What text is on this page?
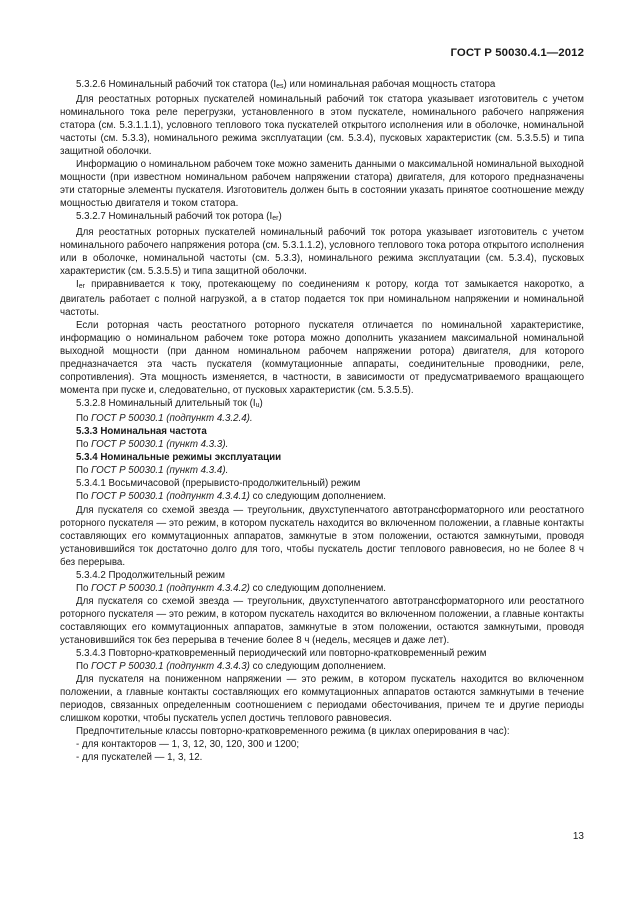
ГОСТ Р 50030.4.1—2012

5.3.2.6 Номинальный рабочий ток статора (Ies) или номинальная рабочая мощность статора

Для реостатных роторных пускателей номинальный рабочий ток статора указывает изготовитель с учетом номинального тока реле перегрузки, установленного в этом пускателе, номинального рабочего напряжения статора (см. 5.3.1.1.1), условного теплового тока пускателей открытого исполнения или в оболочке, номинальной частоты (см. 5.3.3), номинального режима эксплуатации (см. 5.3.4), пусковых характеристик (см. 5.3.5.5) и типа защитной оболочки.

Информацию о номинальном рабочем токе можно заменить данными о максимальной номинальной выходной мощности (при известном номинальном рабочем напряжении статора) двигателя, для которого предназначены эти статорные элементы пускателя. Изготовитель должен быть в состоянии указать принятое соотношение между мощностью двигателя и током статора.

5.3.2.7 Номинальный рабочий ток ротора (Ier)

Для реостатных роторных пускателей номинальный рабочий ток ротора указывает изготовитель с учетом номинального рабочего напряжения ротора (см. 5.3.1.1.2), условного теплового тока ротора открытого исполнения или в оболочке, номинальной частоты (см. 5.3.3), номинального режима эксплуатации (см. 5.3.4), пусковых характеристик (см. 5.3.5.5) и типа защитной оболочки.

Ier приравнивается к току, протекающему по соединениям к ротору, когда тот замыкается накоротко, а двигатель работает с полной нагрузкой, а в статор подается ток при номинальном напряжении и номинальной частоты.

Если роторная часть реостатного роторного пускателя отличается по номинальной характеристике, информацию о номинальном рабочем токе ротора можно дополнить указанием максимальной номинальной выходной мощности (при данном номинальном рабочем напряжении ротора) двигателя, для которого предназначается эта часть пускателя (коммутационные аппараты, соединительные проводники, реле, сопротивления). Эта мощность изменяется, в частности, в зависимости от предусматриваемого вращающего момента при пуске и, следовательно, от пусковых характеристик (см. 5.3.5.5).

5.3.2.8 Номинальный длительный ток (Iu)

По ГОСТ Р 50030.1 (подпункт 4.3.2.4).

5.3.3 Номинальная частота

По ГОСТ Р 50030.1 (пункт 4.3.3).

5.3.4 Номинальные режимы эксплуатации

По ГОСТ Р 50030.1 (пункт 4.3.4).

5.3.4.1 Восьмичасовой (прерывисто-продолжительный) режим

По ГОСТ Р 50030.1 (подпункт 4.3.4.1) со следующим дополнением.

Для пускателя со схемой звезда — треугольник, двухступенчатого автотрансформаторного или реостатного роторного пускателя — это режим, в котором пускатель находится во включенном положении, а главные контакты составляющих его коммутационных аппаратов, замкнутые в этом положении, остаются замкнутыми, проводя установившийся ток достаточно долго для того, чтобы пускатель достиг теплового равновесия, но не более 8 ч без перерыва.

5.3.4.2 Продолжительный режим

По ГОСТ Р 50030.1 (подпункт 4.3.4.2) со следующим дополнением.

Для пускателя со схемой звезда — треугольник, двухступенчатого автотрансформаторного или реостатного роторного пускателя — это режим, в котором пускатель находится во включенном положении, а главные контакты составляющих его коммутационных аппаратов, замкнутые в этом положении, остаются замкнутыми, проводя установившийся ток без перерыва в течение более 8 ч (недель, месяцев и даже лет).

5.3.4.3 Повторно-кратковременный периодический или повторно-кратковременный режим

По ГОСТ Р 50030.1 (подпункт 4.3.4.3) со следующим дополнением.

Для пускателя на пониженном напряжении — это режим, в котором пускатель находится во включенном положении, а главные контакты составляющих его коммутационных аппаратов остаются замкнутыми в течение периодов, связанных определенным соотношением с периодами обесточивания, причем те и другие периоды слишком коротки, чтобы пускатель успел достичь теплового равновесия.

Предпочтительные классы повторно-кратковременного режима (в циклах оперирования в час):

- для контакторов — 1, 3, 12, 30, 120, 300 и 1200;

- для пускателей — 1, 3, 12.

13
